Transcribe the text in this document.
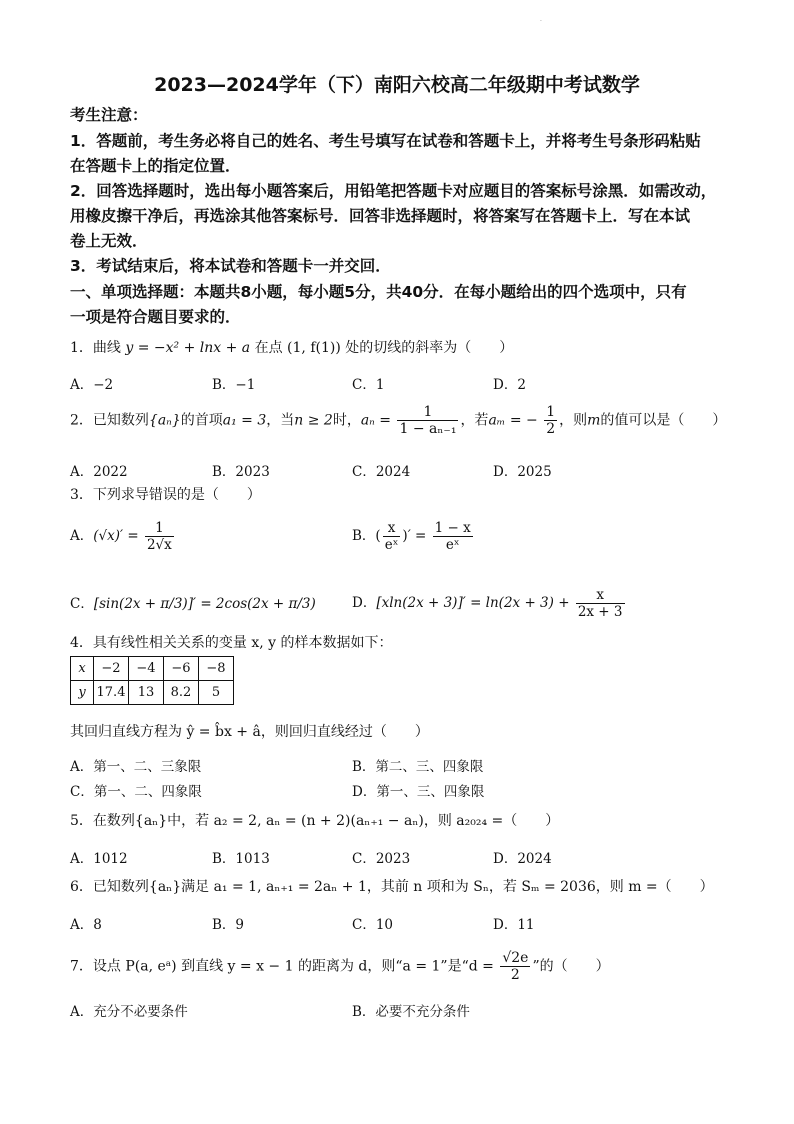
·
2023—2024学年（下）南阳六校高二年级期中考试数学
考生注意：
1．答题前，考生务必将自己的姓名、考生号填写在试卷和答题卡上，并将考生号条形码粘贴
在答题卡上的指定位置．
2．回答选择题时，选出每小题答案后，用铅笔把答题卡对应题目的答案标号涂黑．如需改动，
用橡皮擦干净后，再选涂其他答案标号．回答非选择题时，将答案写在答题卡上．写在本试
卷上无效．
3．考试结束后，将本试卷和答题卡一并交回．
一、单项选择题：本题共8小题，每小题5分，共40分．在每小题给出的四个选项中，只有
一项是符合题目要求的．
1．曲线 y = −x² + lnx + a 在点 (1, f(1)) 处的切线的斜率为（　　）
A．−2	B．−1	C．1	D．2
2．已知数列{aₙ}的首项a₁ = 3，当n ≥ 2时，$a_n = \frac{1}{\text{1 − aₙ₋₁}}$ ，若aₘ = − $\frac{1}{2}$ ，则m的值可以是（　　）
A．2022	B．2023	C．2024	D．2025
3．下列求导错误的是（　　）
A．$(√x)' = \frac{1}{2√x}$	B．( $\frac{x}{\text{eˣ}}$ )′ = $\frac{1 - x}{\text{eˣ}}$
C．[sin(2x + π/3)]′ = 2cos(2x + π/3)	D．$[xln(2x + 3)]' = \ln(2x + 3) + \frac{x}{2x + 3}$
4．具有线性相关关系的变量 x, y 的样本数据如下：
x	−2	−4	−6	−8
y	17.4	13	8.2	5
其回归直线方程为 ŷ = b̂x + â，则回归直线经过（　　）
A．第一、二、三象限	B．第二、三、四象限
C．第一、二、四象限	D．第一、三、四象限
5．在数列{aₙ}中，若 a₂ = 2, aₙ = (n + 2)(aₙ₊₁ − aₙ)，则 a₂₀₂₄ =（　　）
A．1012	B．1013	C．2023	D．2024
6．已知数列{aₙ}满足 a₁ = 1, aₙ₊₁ = 2aₙ + 1，其前 n 项和为 Sₙ，若 Sₘ = 2036，则 m =（　　）
A．8	B．9	C．10	D．11
7．设点 P(a, eᵃ) 到直线 y = x − 1 的距离为 d，则“a = 1”是“$d = \frac{√2e}{2}$ ”的（　　）
A．充分不必要条件	B．必要不充分条件
